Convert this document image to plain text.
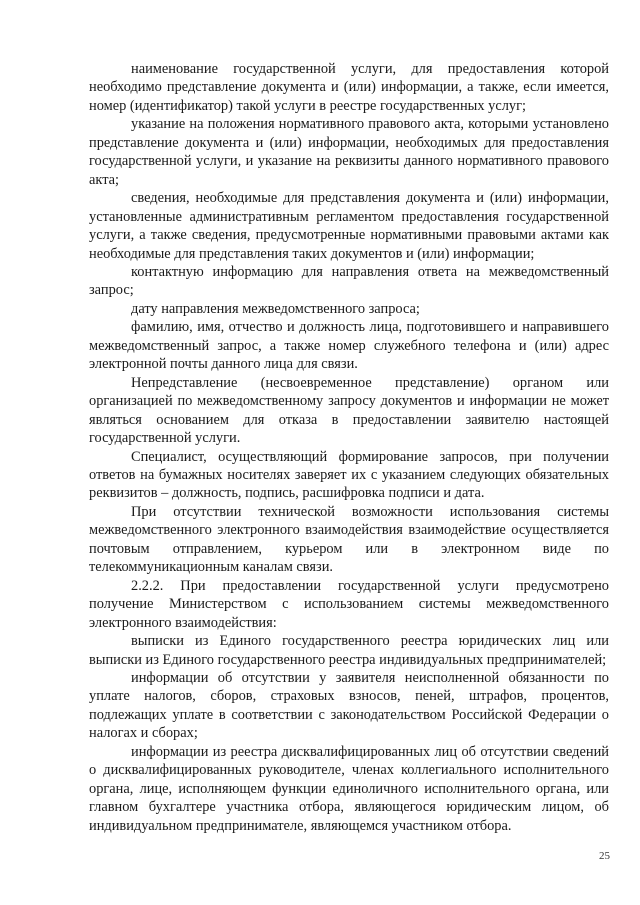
наименование государственной услуги, для предоставления которой необходимо представление документа и (или) информации, а также, если имеется, номер (идентификатор) такой услуги в реестре государственных услуг;

указание на положения нормативного правового акта, которыми установлено представление документа и (или) информации, необходимых для предоставления государственной услуги, и указание на реквизиты данного нормативного правового акта;

сведения, необходимые для представления документа и (или) информации, установленные административным регламентом предоставления государственной услуги, а также сведения, предусмотренные нормативными правовыми актами как необходимые для представления таких документов и (или) информации;

контактную информацию для направления ответа на межведомственный запрос;

дату направления межведомственного запроса;

фамилию, имя, отчество и должность лица, подготовившего и направившего межведомственный запрос, а также номер служебного телефона и (или) адрес электронной почты данного лица для связи.

Непредставление (несвоевременное представление) органом или организацией по межведомственному запросу документов и информации не может являться основанием для отказа в предоставлении заявителю настоящей государственной услуги.

Специалист, осуществляющий формирование запросов, при получении ответов на бумажных носителях заверяет их с указанием следующих обязательных реквизитов – должность, подпись, расшифровка подписи и дата.

При отсутствии технической возможности использования системы межведомственного электронного взаимодействия взаимодействие осуществляется почтовым отправлением, курьером или в электронном виде по телекоммуникационным каналам связи.

2.2.2. При предоставлении государственной услуги предусмотрено получение Министерством с использованием системы межведомственного электронного взаимодействия:

выписки из Единого государственного реестра юридических лиц или выписки из Единого государственного реестра индивидуальных предпринимателей;

информации об отсутствии у заявителя неисполненной обязанности по уплате налогов, сборов, страховых взносов, пеней, штрафов, процентов, подлежащих уплате в соответствии с законодательством Российской Федерации о налогах и сборах;

информации из реестра дисквалифицированных лиц об отсутствии сведений о дисквалифицированных руководителе, членах коллегиального исполнительного органа, лице, исполняющем функции единоличного исполнительного органа, или главном бухгалтере участника отбора, являющегося юридическим лицом, об индивидуальном предпринимателе, являющемся участником отбора.

25
